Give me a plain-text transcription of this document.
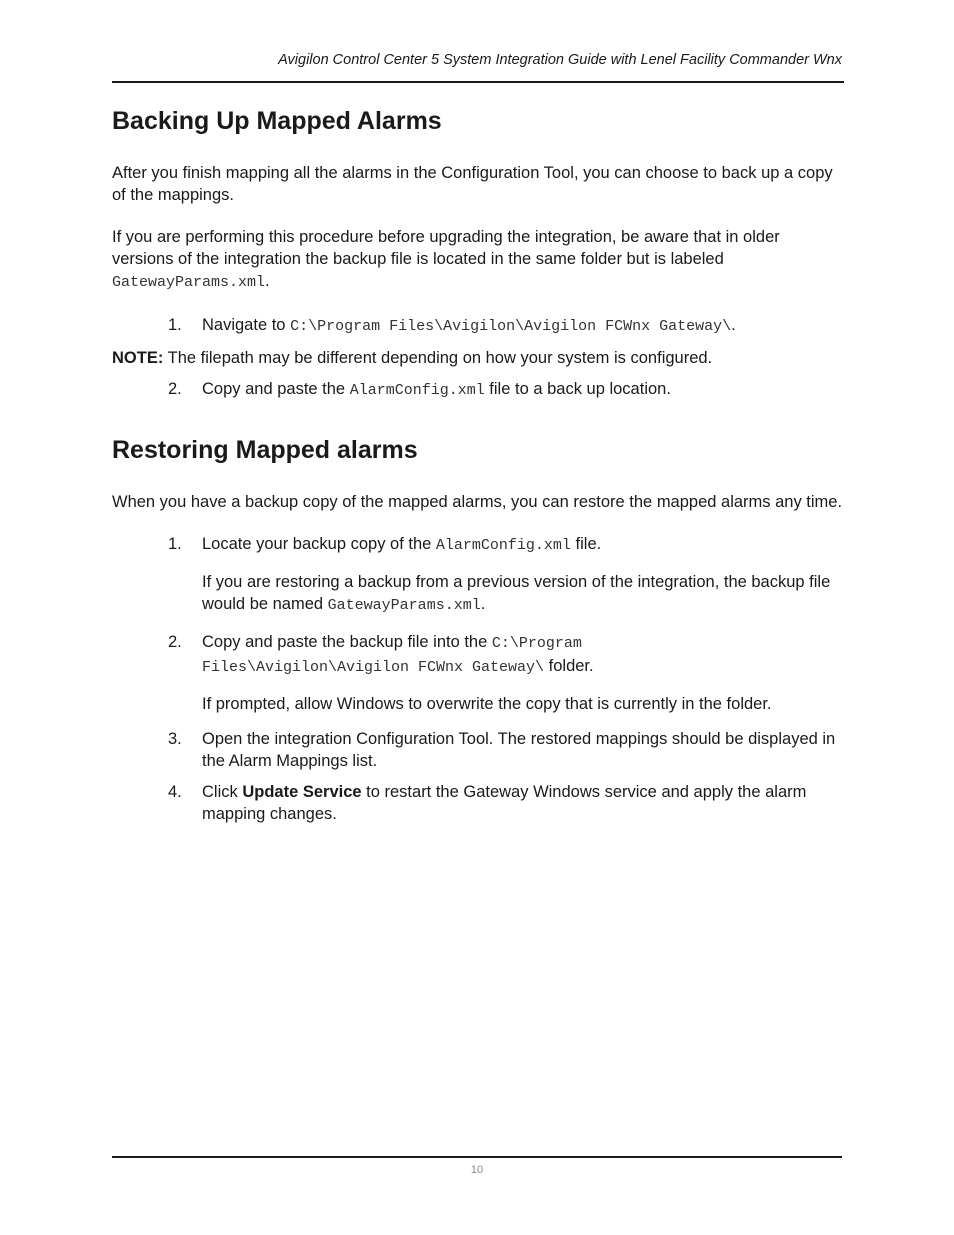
Avigilon Control Center 5 System Integration Guide with Lenel Facility Commander Wnx
Backing Up Mapped Alarms

After you finish mapping all the alarms in the Configuration Tool, you can choose to back up a copy of the mappings.

If you are performing this procedure before upgrading the integration, be aware that in older versions of the integration the backup file is located in the same folder but is labeled GatewayParams.xml.

1. Navigate to C:\Program Files\Avigilon\Avigilon FCWnx Gateway\.
NOTE: The filepath may be different depending on how your system is configured.
2. Copy and paste the AlarmConfig.xml file to a back up location.
Restoring Mapped alarms

When you have a backup copy of the mapped alarms, you can restore the mapped alarms any time.

1. Locate your backup copy of the AlarmConfig.xml file.
If you are restoring a backup from a previous version of the integration, the backup file would be named GatewayParams.xml.
2. Copy and paste the backup file into the C:\Program
Files\Avigilon\Avigilon FCWnx Gateway\ folder.
If prompted, allow Windows to overwrite the copy that is currently in the folder.
3. Open the integration Configuration Tool. The restored mappings should be displayed in the Alarm Mappings list.
4. Click Update Service to restart the Gateway Windows service and apply the alarm mapping changes.
10
